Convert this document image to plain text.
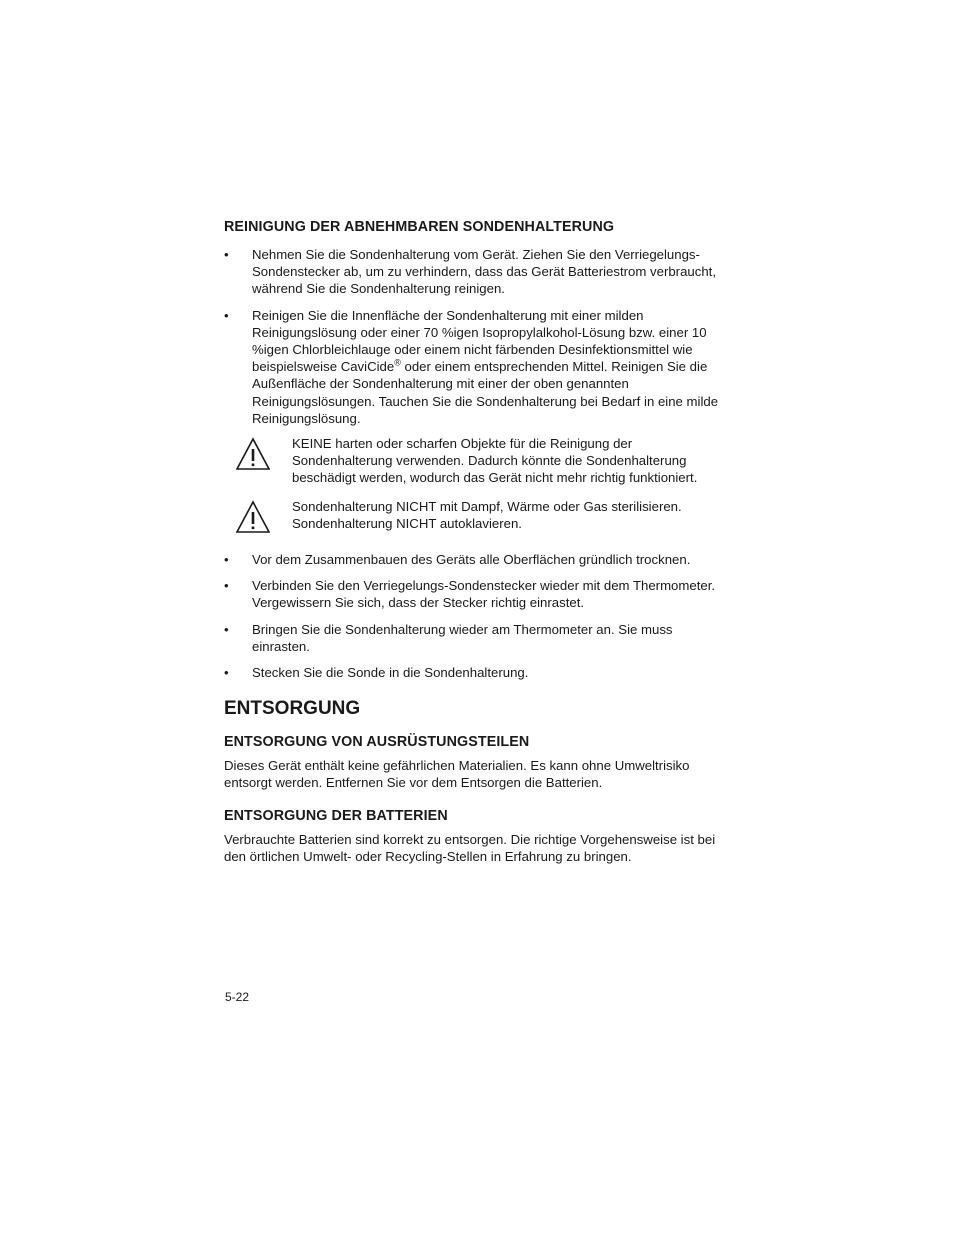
REINIGUNG DER ABNEHMBAREN SONDENHALTERUNG
• Nehmen Sie die Sondenhalterung vom Gerät. Ziehen Sie den Verriegelungs-Sondenstecker ab, um zu verhindern, dass das Gerät Batteriestrom verbraucht, während Sie die Sondenhalterung reinigen.
• Reinigen Sie die Innenfläche der Sondenhalterung mit einer milden Reinigungslösung oder einer 70 %igen Isopropylalkohol-Lösung bzw. einer 10 %igen Chlorbleichlauge oder einem nicht färbenden Desinfektionsmittel wie beispielsweise CaviCide® oder einem entsprechenden Mittel. Reinigen Sie die Außenfläche der Sondenhalterung mit einer der oben genannten Reinigungslösungen. Tauchen Sie die Sondenhalterung bei Bedarf in eine milde Reinigungslösung.
KEINE harten oder scharfen Objekte für die Reinigung der Sondenhalterung verwenden. Dadurch könnte die Sondenhalterung beschädigt werden, wodurch das Gerät nicht mehr richtig funktioniert.
Sondenhalterung NICHT mit Dampf, Wärme oder Gas sterilisieren. Sondenhalterung NICHT autoklavieren.
• Vor dem Zusammenbauen des Geräts alle Oberflächen gründlich trocknen.
• Verbinden Sie den Verriegelungs-Sondenstecker wieder mit dem Thermometer. Vergewissern Sie sich, dass der Stecker richtig einrastet.
• Bringen Sie die Sondenhalterung wieder am Thermometer an. Sie muss einrasten.
• Stecken Sie die Sonde in die Sondenhalterung.
ENTSORGUNG
ENTSORGUNG VON AUSRÜSTUNGSTEILEN

Dieses Gerät enthält keine gefährlichen Materialien. Es kann ohne Umweltrisiko entsorgt werden. Entfernen Sie vor dem Entsorgen die Batterien.

ENTSORGUNG DER BATTERIEN

Verbrauchte Batterien sind korrekt zu entsorgen. Die richtige Vorgehensweise ist bei den örtlichen Umwelt- oder Recycling-Stellen in Erfahrung zu bringen.

5-22
